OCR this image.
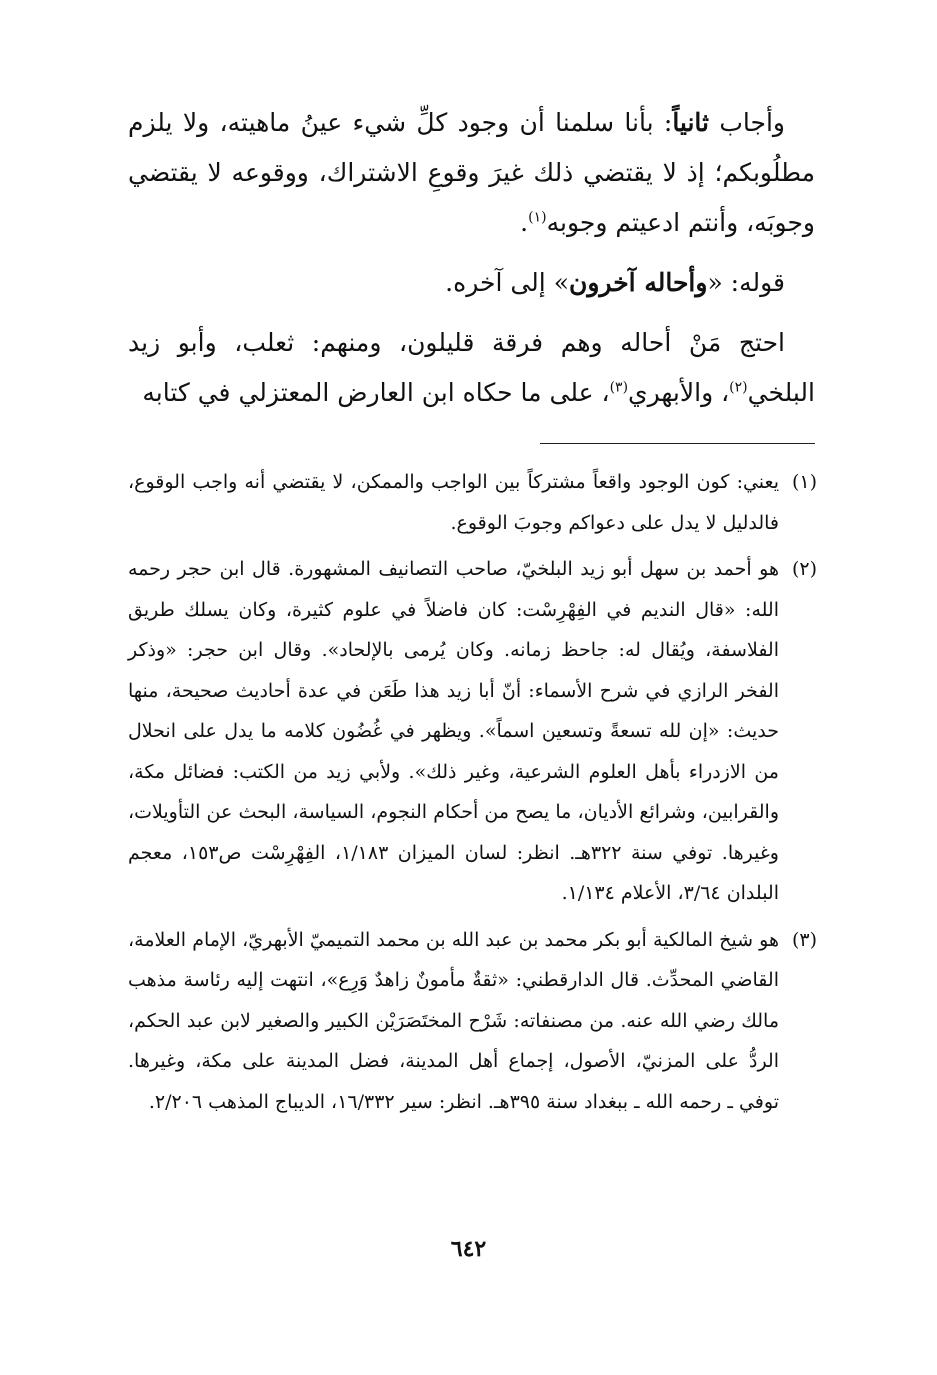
وأجاب ثانياً: بأنا سلمنا أن وجود كلِّ شيء عينُ ماهيته، ولا يلزم مطلُوبكم؛ إذ لا يقتضي ذلك غيرَ وقوعِ الاشتراك، ووقوعه لا يقتضي وجوبَه، وأنتم ادعيتم وجوبه$^{(١)}$.

قوله: «وأحاله آخرون» إلى آخره.

احتج مَنْ أحاله وهم فرقة قليلون، ومنهم: ثعلب، وأبو زيد البلخي$^{(٢)}$، والأبهري$^{(٣)}$، على ما حكاه ابن العارض المعتزلي في كتابه

(١)
يعني: كون الوجود واقعاً مشتركاً بين الواجب والممكن، لا يقتضي أنه واجب الوقوع، فالدليل لا يدل على دعواكم وجوبَ الوقوع.
(٢)
هو أحمد بن سهل أبو زيد البلخيّ، صاحب التصانيف المشهورة. قال ابن حجر رحمه الله: «قال النديم في الفِهْرِسْت: كان فاضلاً في علوم كثيرة، وكان يسلك طريق الفلاسفة، ويُقال له: جاحظ زمانه. وكان يُرمى بالإلحاد». وقال ابن حجر: «وذكر الفخر الرازي في شرح الأسماء: أنّ أبا زيد هذا طَعَن في عدة أحاديث صحيحة، منها حديث: «إن لله تسعةً وتسعين اسماً». ويظهر في غُضُون كلامه ما يدل على انحلال من الازدراء بأهل العلوم الشرعية، وغير ذلك». ولأبي زيد من الكتب: فضائل مكة، والقرابين، وشرائع الأديان، ما يصح من أحكام النجوم، السياسة، البحث عن التأويلات، وغيرها. توفي سنة ٣٢٢هـ. انظر: لسان الميزان ١/١٨٣، الفِهْرِسْت ص١٥٣، معجم البلدان ٣/٦٤، الأعلام ١/١٣٤.
(٣)
هو شيخ المالكية أبو بكر محمد بن عبد الله بن محمد التميميّ الأبهريّ، الإمام العلامة، القاضي المحدِّث. قال الدارقطني: «ثقةٌ مأمونٌ زاهدٌ وَرِع»، انتهت إليه رئاسة مذهب مالك رضي الله عنه. من مصنفاته: شَرْح المختَصَرَيْن الكبير والصغير لابن عبد الحكم، الردُّ على المزنيّ، الأصول، إجماع أهل المدينة، فضل المدينة على مكة، وغيرها. توفي ـ رحمه الله ـ ببغداد سنة ٣٩٥هـ. انظر: سير ١٦/٣٣٢، الديباج المذهب ٢/٢٠٦.
٦٤٢
